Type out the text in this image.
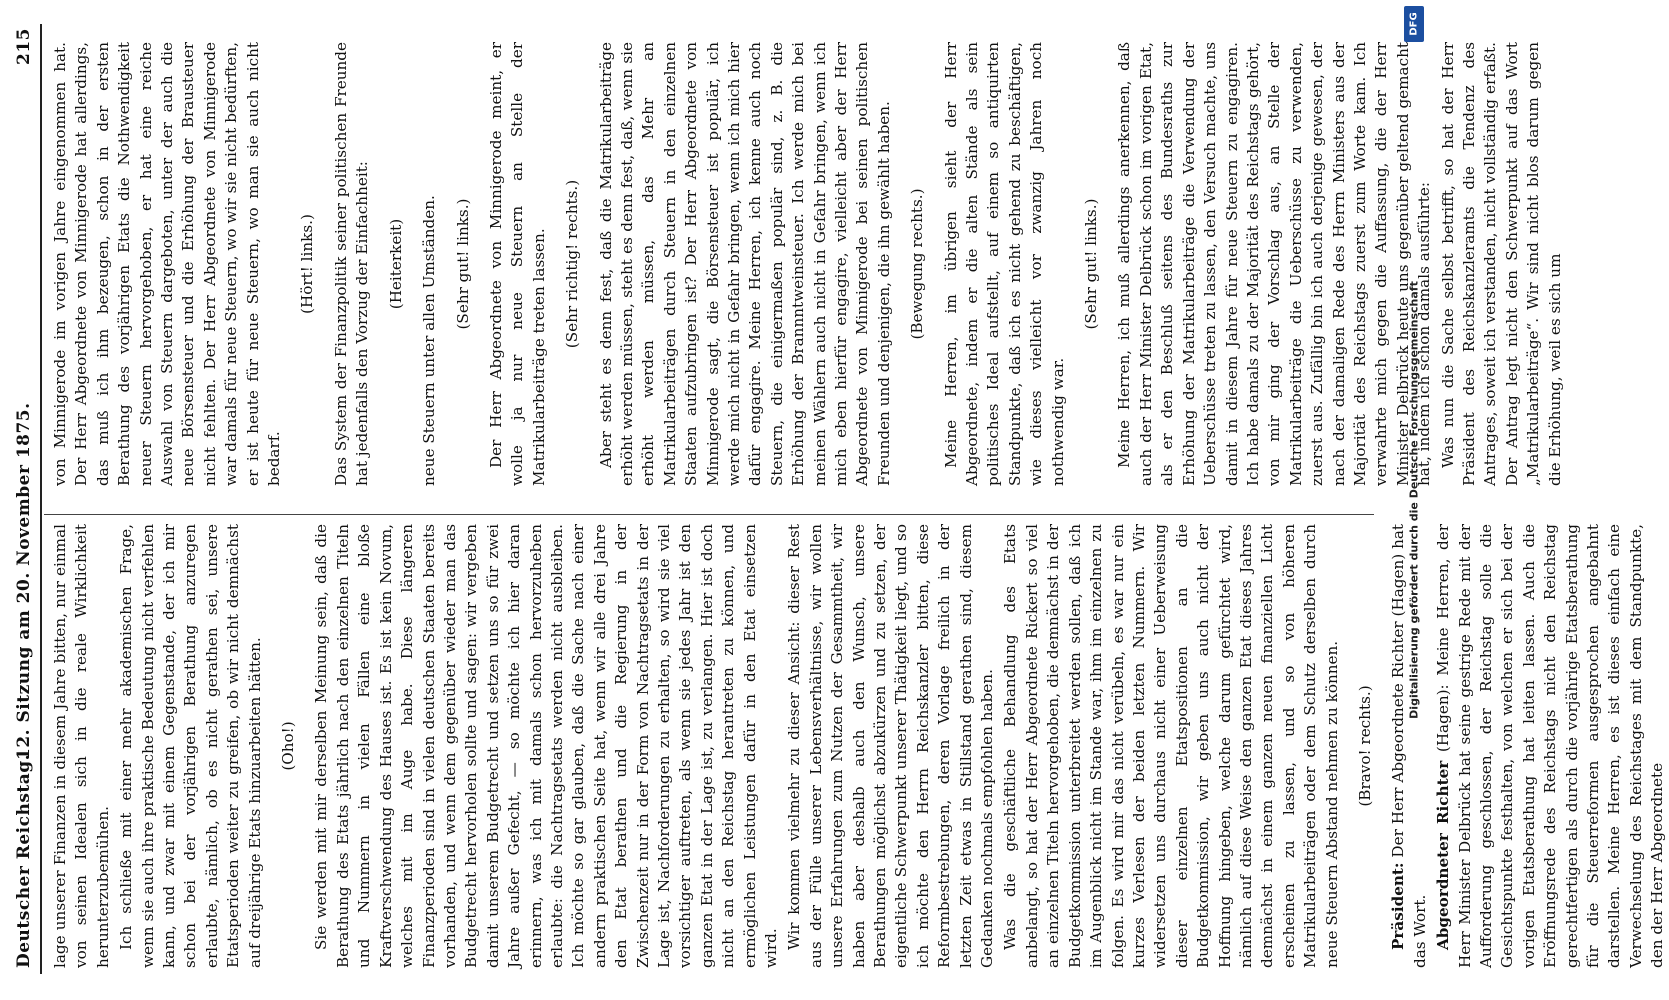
Deutscher Reichstag.
12. Sitzung am 20. November 1875.
215

lage unserer Finanzen in diesem Jahre bitten, nur einmal von seinen Idealen sich in die reale Wirklichkeit herunterzubemühen. Ich schließe mit einer mehr akademischen Frage, wenn sie auch ihre praktische Bedeutung nicht verfehlen kann, und zwar mit einem Gegenstande, der ich mir schon bei der vorjährigen Berathung anzuregen erlaubte, nämlich, ob es nicht gerathen sei, unsere Etatsperioden weiter zu greifen, ob wir nicht demnächst auf dreijährige Etats hinzuarbeiten hätten. (Oho!) Sie werden mit mir derselben Meinung sein, daß die Berathung des Etats jährlich nach den einzelnen Titeln und Nummern in vielen Fällen eine bloße Kraftverschwendung des Hauses ist. Es ist kein Novum, welches mit im Auge habe. Diese längeren Finanzperioden sind in vielen deutschen Staaten bereits vorhanden, und wenn dem gegenüber wieder man das Budgetrecht hervorholen sollte und sagen: wir vergeben damit unserem Budgetrecht und setzen uns so für zwei Jahre außer Gefecht, — so möchte ich hier daran erinnern, was ich mit damals schon hervorzuheben erlaubte: die Nachtragsetats werden nicht ausbleiben. Ich möchte so gar glauben, daß die Sache nach einer andern praktischen Seite hat, wenn wir alle drei Jahre den Etat berathen und die Regierung in der Zwischenzeit nur in der Form von Nachtragsetats in der Lage ist, Nachforderungen zu erhalten, so wird sie viel vorsichtiger auftreten, als wenn sie jedes Jahr ist den ganzen Etat in der Lage ist, zu verlangen. Hier ist doch nicht an den Reichstag herantreten zu können, und ermöglichen Leistungen dafür in den Etat einsetzen wird. Wir kommen vielmehr zu dieser Ansicht: dieser Rest aus der Fülle unserer Lebensverhältnisse, wir wollen unsere Erfahrungen zum Nutzen der Gesammtheit, wir haben aber deshalb auch den Wunsch, unsere Berathungen möglichst abzukürzen und zu setzen, der eigentliche Schwerpunkt unserer Thätigkeit liegt, und so ich möchte den Herrn Reichskanzler bitten, diese Reformbestrebungen, deren Vorlage freilich in der letzten Zeit etwas in Stillstand gerathen sind, diesem Gedanken nochmals empfohlen haben. Was die geschäftliche Behandlung des Etats anbelangt, so hat der Herr Abgeordnete Rickert so viel an einzelnen Titeln hervorgehoben, die demnächst in der Budgetkommission unterbreitet werden sollen, daß ich im Augenblick nicht im Stande war, ihm im einzelnen zu folgen. Es wird mir das nicht verübeln, es war nur ein kurzes Verlesen der beiden letzten Nummern. Wir widersetzen uns durchaus nicht einer Ueberweisung dieser einzelnen Etatspositionen an die Budgetkommission, wir geben uns auch nicht der Hoffnung hingeben, welche darum gefürchtet wird, nämlich auf diese Weise den ganzen Etat dieses Jahres demnächst in einem ganzen neuen finanziellen Licht erscheinen zu lassen, und so von höheren Matrikularbeiträgen oder dem Schutz derselben durch neue Steuern Abstand nehmen zu können. (Bravo! rechts.)

Präsident: Der Herr Abgeordnete Richter (Hagen) hat das Wort. Abgeordneter Richter (Hagen): Meine Herren, der Herr Minister Delbrück hat seine gestrige Rede mit der Aufforderung geschlossen, der Reichstag solle die Gesichtspunkte festhalten, von welchen er sich bei der vorigen Etatsberathung hat leiten lassen. Auch die Eröffnungsrede des Reichstags nicht den Reichstag gerechtfertigen als durch die vorjährige Etatsberathung für die Steuerreformen ausgesprochen angebahnt darstellen. Meine Herren, es ist dieses einfach eine Verwechselung des Reichstages mit dem Standpunkte, den der Herr Abgeordnete

von Minnigerode im vorigen Jahre eingenommen hat. Der Herr Abgeordnete von Minnigerode hat allerdings, das muß ich ihm bezeugen, schon in der ersten Berathung des vorjährigen Etats die Nothwendigkeit neuer Steuern hervorgehoben, er hat eine reiche Auswahl von Steuern dargeboten, unter der auch die neue Börsensteuer und die Erhöhung der Brausteuer nicht fehlten. Der Herr Abgeordnete von Minnigerode war damals für neue Steuern, wo wir sie nicht bedürften, er ist heute für neue Steuern, wo man sie auch nicht bedarf.

(Hört! links.) Das System der Finanzpolitik seiner politischen Freunde hat jedenfalls den Vorzug der Einfachheit: (Heiterkeit) neue Steuern unter allen Umständen. (Sehr gut! links.) Der Herr Abgeordnete von Minnigerode meint, er wolle ja nur neue Steuern an Stelle der Matrikularbeiträge treten lassen. (Sehr richtig! rechts.) Aber steht es denn fest, daß die Matrikularbeiträge erhöht werden müssen, steht es denn fest, daß, wenn sie erhöht werden müssen, das Mehr an Matrikularbeiträgen durch Steuern in den einzelnen Staaten aufzubringen ist? Der Herr Abgeordnete von Minnigerode sagt, die Börsensteuer ist populär, ich werde mich nicht in Gefahr bringen, wenn ich mich hier dafür engagire. Meine Herren, ich kenne auch noch Steuern, die einigermaßen populär sind, z. B. die Erhöhung der Brannntweinsteuer. Ich werde mich bei meinen Wählern auch nicht in Gefahr bringen, wenn ich mich eben hierfür engagire, vielleicht aber der Herr Abgeordnete von Minnigerode bei seinen politischen Freunden und denjenigen, die ihn gewählt haben. (Bewegung rechts.) Meine Herren, im übrigen sieht der Herr Abgeordnete, indem er die alten Stände als sein politisches Ideal aufstellt, auf einem so antiquirten Standpunkte, daß ich es nicht gehend zu beschäftigen, wie dieses vielleicht vor zwanzig Jahren noch nothwendig war.

(Sehr gut! links.) Meine Herren, ich muß allerdings anerkennen, daß auch der Herr Minister Delbrück schon im vorigen Etat, als er den Beschluß seitens des Bundesraths zur Erhöhung der Matrikularbeiträge die Verwendung der Ueberschüsse treten zu lassen, den Versuch machte, uns damit in diesem Jahre für neue Steuern zu engagiren. Ich habe damals zu der Majorität des Reichstags gehört, von mir ging der Vorschlag aus, an Stelle der Matrikularbeiträge die Ueberschüsse zu verwenden, zuerst aus. Zufällig bin ich auch derjenige gewesen, der nach der damaligen Rede des Herrn Ministers aus der Majorität des Reichstags zuerst zum Worte kam. Ich verwahrte mich gegen die Auffassung, die der Herr Minister Delbrück heute uns gegenüber geltend gemacht hat, indem ich schon damals ausführte: Was nun die Sache selbst betrifft, so hat der Herr Präsident des Reichskanzleramts die Tendenz des Antrages, soweit ich verstanden, nicht vollständig erfaßt. Der Antrag legt nicht den Schwerpunkt auf das Wort „Matrikularbeiträge“. Wir sind nicht blos darum gegen die Erhöhung, weil es sich um

DFG
Digitalisierung gefördert durch die Deutsche Forschungsgemeinschaft
